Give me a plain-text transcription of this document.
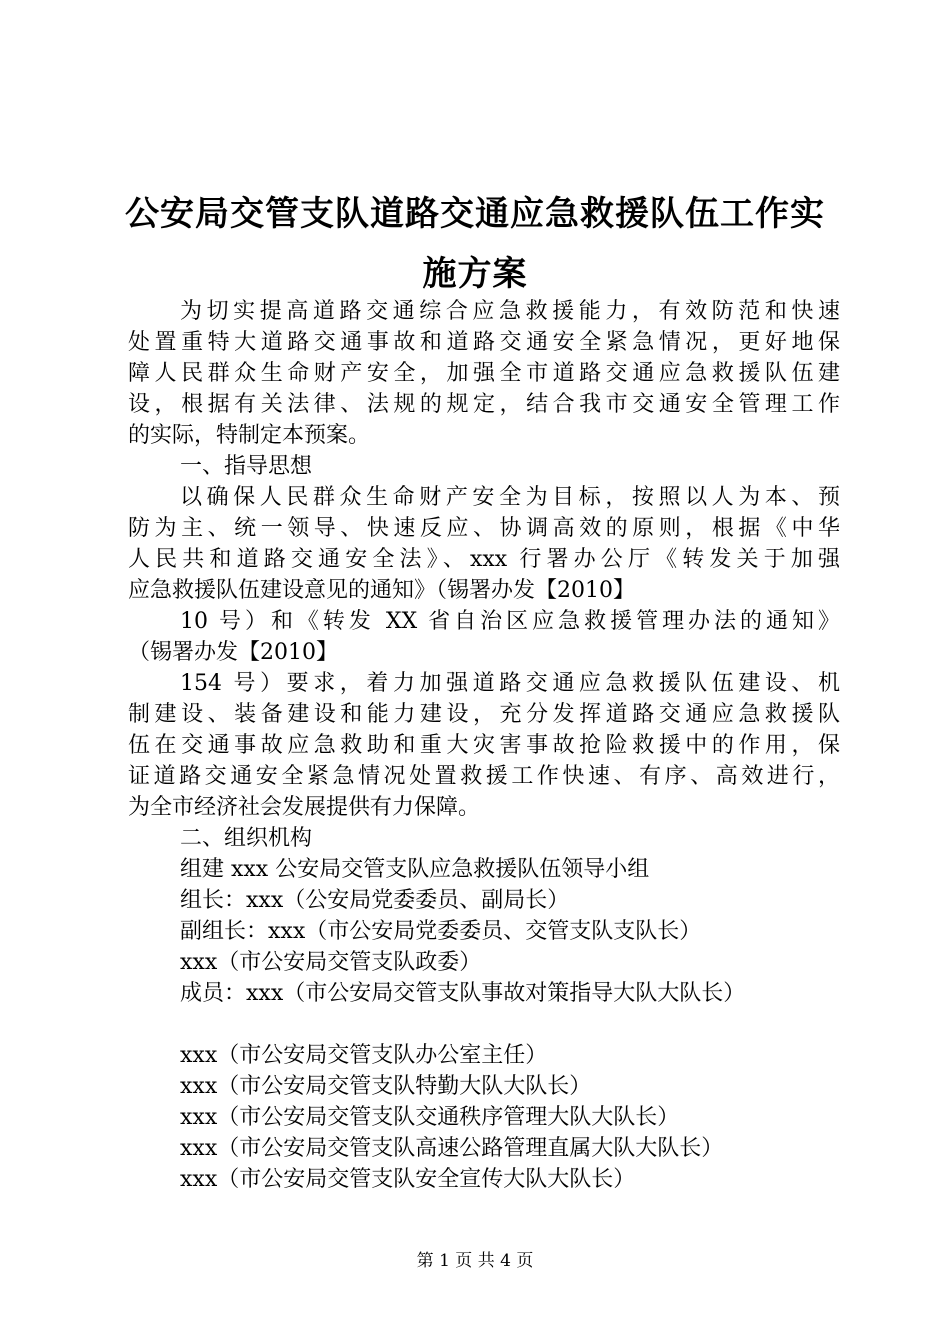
公安局交管支队道路交通应急救援队伍工作实
施方案
为切实提高道路交通综合应急救援能力，有效防范和快速
处置重特大道路交通事故和道路交通安全紧急情况，更好地保
障人民群众生命财产安全，加强全市道路交通应急救援队伍建
设，根据有关法律、法规的规定，结合我市交通安全管理工作
的实际，特制定本预案。
一、指导思想
以确保人民群众生命财产安全为目标，按照以人为本、预
防为主、统一领导、快速反应、协调高效的原则，根据《中华
人民共和道路交通安全法》、xxx 行署办公厅《转发关于加强
应急救援队伍建设意见的通知》（锡署办发【2010】
10 号）和《转发 XX 省自治区应急救援管理办法的通知》
（锡署办发【2010】
154 号）要求，着力加强道路交通应急救援队伍建设、机
制建设、装备建设和能力建设，充分发挥道路交通应急救援队
伍在交通事故应急救助和重大灾害事故抢险救援中的作用，保
证道路交通安全紧急情况处置救援工作快速、有序、高效进行，
为全市经济社会发展提供有力保障。
二、组织机构
组建 xxx 公安局交管支队应急救援队伍领导小组
组长：xxx（公安局党委委员、副局长）
副组长：xxx（市公安局党委委员、交管支队支队长）
xxx（市公安局交管支队政委）
成员：xxx（市公安局交管支队事故对策指导大队大队长）
xxx（市公安局交管支队办公室主任）
xxx（市公安局交管支队特勤大队大队长）
xxx（市公安局交管支队交通秩序管理大队大队长）
xxx（市公安局交管支队高速公路管理直属大队大队长）
xxx（市公安局交管支队安全宣传大队大队长）
第 1 页 共 4 页
